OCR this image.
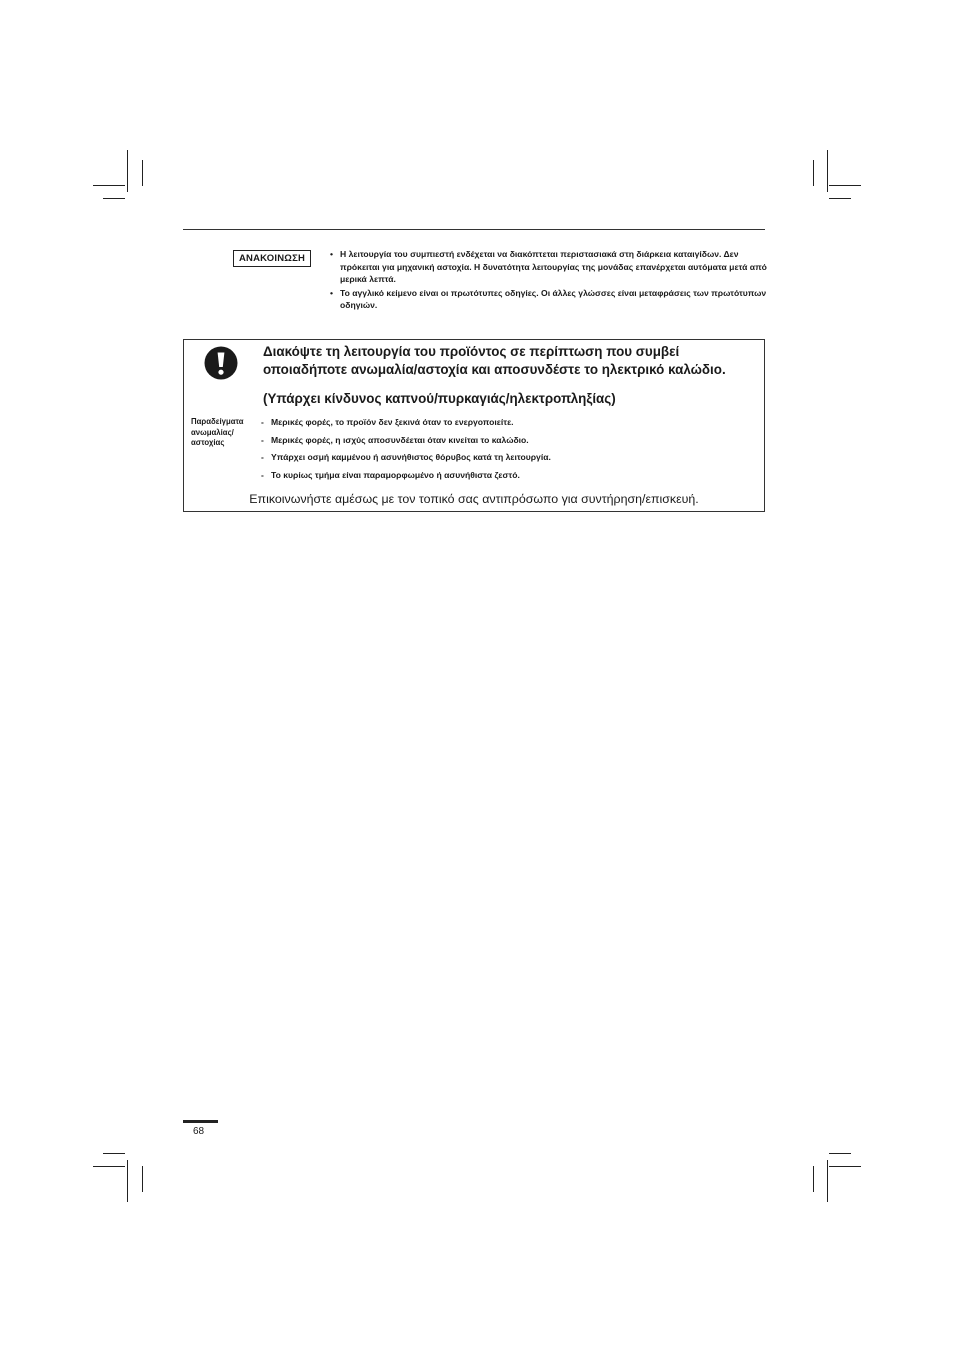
ΑΝΑΚΟΙΝΩΣΗ
•	Η λειτουργία του συμπιεστή ενδέχεται να διακόπτεται περιστασιακά στη διάρκεια καταιγίδων. Δεν πρόκειται για μηχανική αστοχία. Η δυνατότητα λειτουργίας της μονάδας επανέρχεται αυτόματα μετά από μερικά λεπτά.
• Το αγγλικό κείμενο είναι οι πρωτότυπες οδηγίες. Οι άλλες γλώσσες είναι μεταφράσεις των πρωτότυπων οδηγιών.
Διακόψτε τη λειτουργία του προϊόντος σε περίπτωση που συμβεί
οποιαδήποτε ανωμαλία/αστοχία και αποσυνδέστε το ηλεκτρικό καλώδιο.
(Υπάρχει κίνδυνος καπνού/πυρκαγιάς/ηλεκτροπληξίας)
Παραδείγματα
ανωμαλίας/
αστοχίας
- Μερικές φορές, το προϊόν δεν ξεκινά όταν το ενεργοποιείτε.
- Μερικές φορές, η ισχύς αποσυνδέεται όταν κινείται το καλώδιο.
- Υπάρχει οσμή καμμένου ή ασυνήθιστος θόρυβος κατά τη λειτουργία.
- Το κυρίως τμήμα είναι παραμορφωμένο ή ασυνήθιστα ζεστό.
Επικοινωνήστε αμέσως με τον τοπικό σας αντιπρόσωπο για συντήρηση/επισκευή.
68
